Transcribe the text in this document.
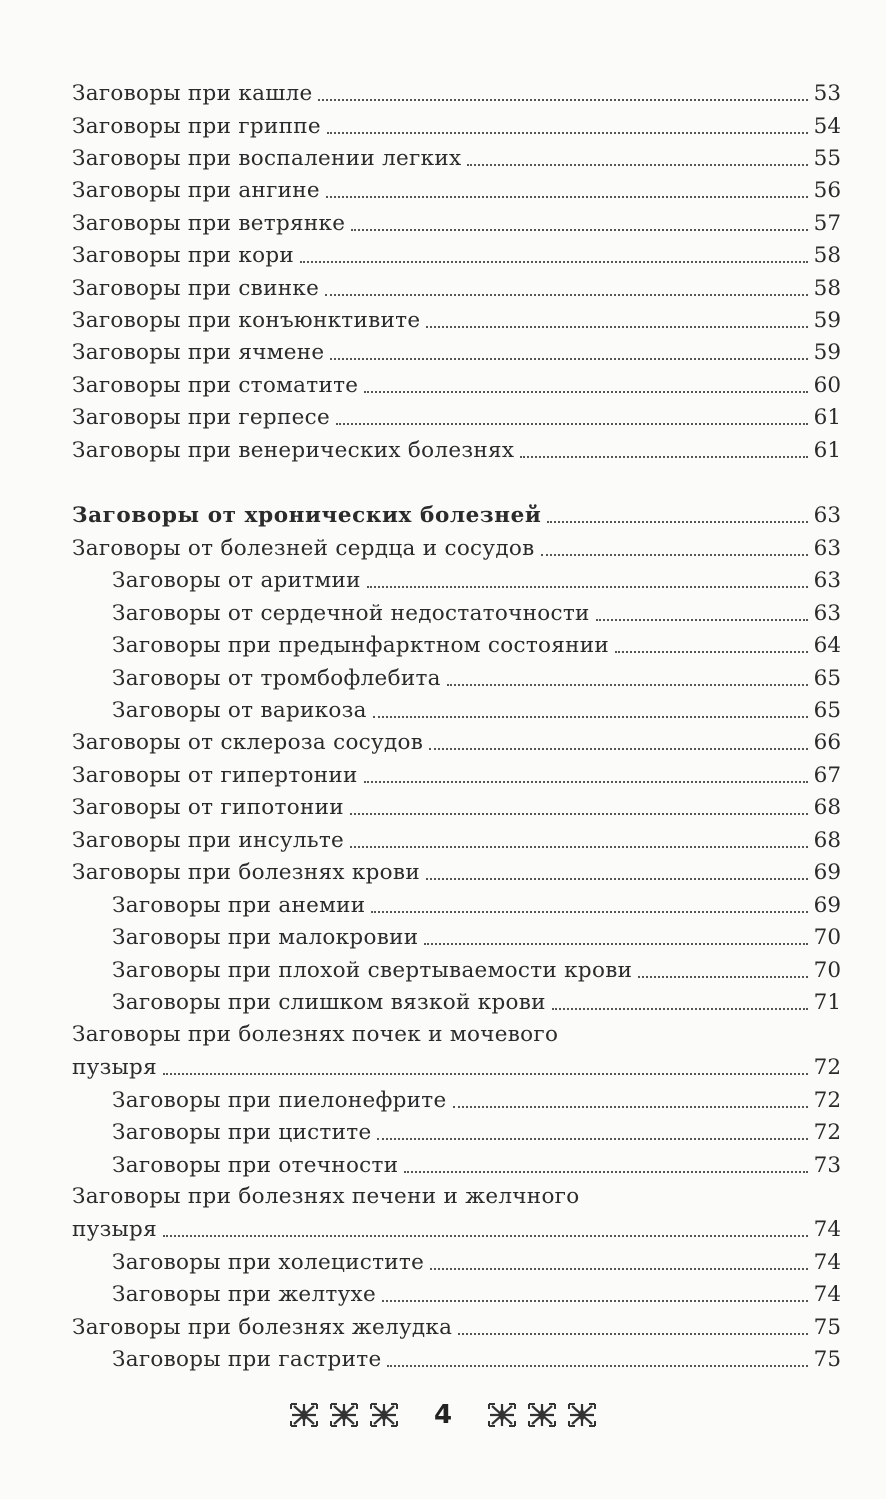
Заговоры при кашле	53
Заговоры при гриппе	54
Заговоры при воспалении легких	55
Заговоры при ангине	56
Заговоры при ветрянке	57
Заговоры при кори	58
Заговоры при свинке	58
Заговоры при конъюнктивите	59
Заговоры при ячмене	59
Заговоры при стоматите	60
Заговоры при герпесе	61
Заговоры при венерических болезнях	61
Заговоры от хронических болезней	63
Заговоры от болезней сердца и сосудов	63
Заговоры от аритмии	63
Заговоры от сердечной недостаточности	63
Заговоры при предынфарктном состоянии	64
Заговоры от тромбофлебита	65
Заговоры от варикоза	65
Заговоры от склероза сосудов	66
Заговоры от гипертонии	67
Заговоры от гипотонии	68
Заговоры при инсульте	68
Заговоры при болезнях крови	69
Заговоры при анемии	69
Заговоры при малокровии	70
Заговоры при плохой свертываемости крови	70
Заговоры при слишком вязкой крови	71
Заговоры при болезнях почек и мочевого
пузыря	72
Заговоры при пиелонефрите	72
Заговоры при цистите	72
Заговоры при отечности	73
Заговоры при болезнях печени и желчного
пузыря	74
Заговоры при холецистите	74
Заговоры при желтухе	74
Заговоры при болезнях желудка	75
Заговоры при гастрите	75
4
